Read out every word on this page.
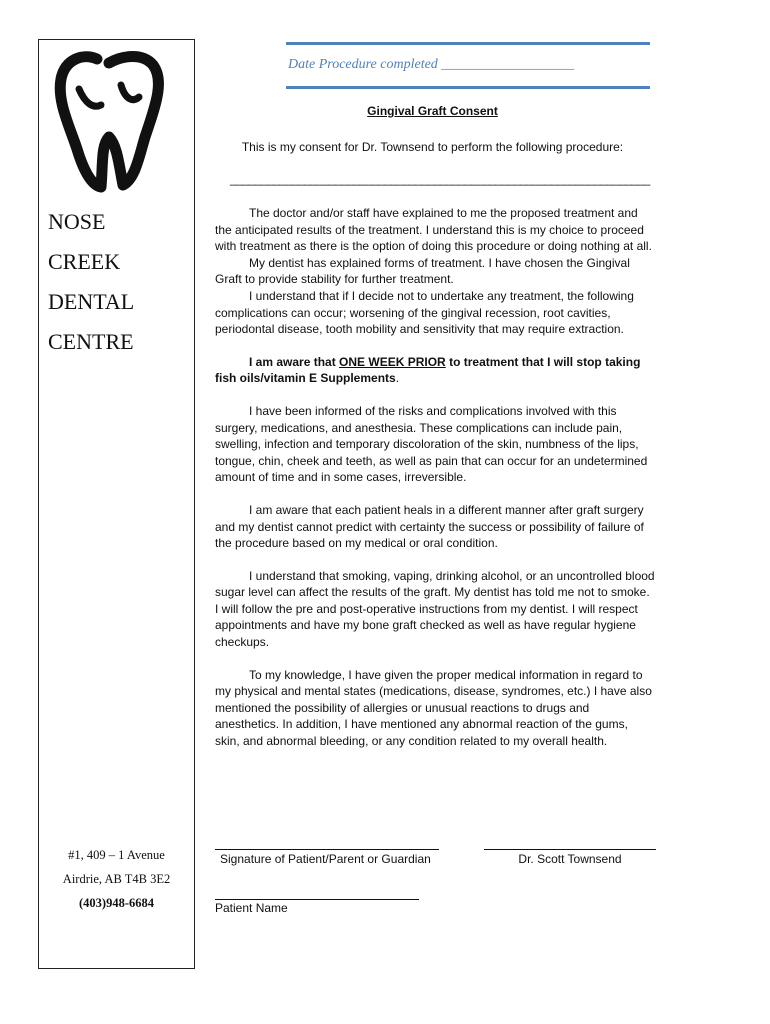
NOSE
CREEK
DENTAL
CENTRE
#1, 409 – 1 Avenue
Airdrie, AB T4B 3E2
(403)948-6684
Date Procedure completed ___________________
Gingival Graft Consent
This is my consent for Dr. Townsend to perform the following procedure:
____________________________________________________________________

The doctor and/or staff have explained to me the proposed treatment and the anticipated results of the treatment. I understand this is my choice to proceed with treatment as there is the option of doing this procedure or doing nothing at all.

My dentist has explained forms of treatment. I have chosen the Gingival Graft to provide stability for further treatment.

I understand that if I decide not to undertake any treatment, the following complications can occur; worsening of the gingival recession, root cavities, periodontal disease, tooth mobility and sensitivity that may require extraction.

I am aware that ONE WEEK PRIOR to treatment that I will stop taking fish oils/vitamin E Supplements.

I have been informed of the risks and complications involved with this surgery, medications, and anesthesia. These complications can include pain, swelling, infection and temporary discoloration of the skin, numbness of the lips, tongue, chin, cheek and teeth, as well as pain that can occur for an undetermined amount of time and in some cases, irreversible.

I am aware that each patient heals in a different manner after graft surgery and my dentist cannot predict with certainty the success or possibility of failure of the procedure based on my medical or oral condition.

I understand that smoking, vaping, drinking alcohol, or an uncontrolled blood sugar level can affect the results of the graft. My dentist has told me not to smoke. I will follow the pre and post-operative instructions from my dentist. I will respect appointments and have my bone graft checked as well as have regular hygiene checkups.

To my knowledge, I have given the proper medical information in regard to my physical and mental states (medications, disease, syndromes, etc.) I have also mentioned the possibility of allergies or unusual reactions to drugs and anesthetics. In addition, I have mentioned any abnormal reaction of the gums, skin, and abnormal bleeding, or any condition related to my overall health.

Signature of Patient/Parent or Guardian	Dr. Scott Townsend
Patient Name
